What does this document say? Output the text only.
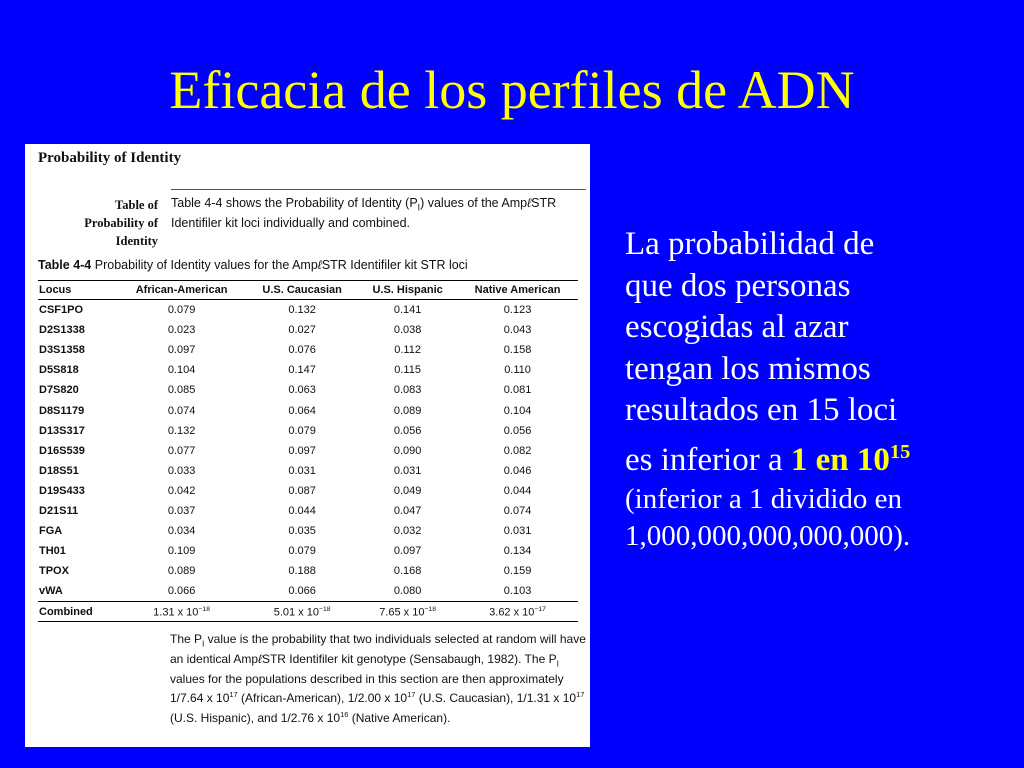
Eficacia de los perfiles de ADN
Probability of Identity
Table of
Probability of
Identity
Table 4-4 shows the Probability of Identity $(P_I)$ values of the AmpℓSTR Identifiler kit loci individually and combined.
Table 4-4 Probability of Identity values for the AmpℓSTR Identifiler kit STR loci
Locus	African-American	U.S. Caucasian	U.S. Hispanic	Native American
CSF1PO	0.079	0.132	0.141	0.123
D2S1338	0.023	0.027	0.038	0.043
D3S1358	0.097	0.076	0.112	0.158
D5S818	0.104	0.147	0.115	0.110
D7S820	0.085	0.063	0.083	0.081
D8S1179	0.074	0.064	0.089	0.104
D13S317	0.132	0.079	0.056	0.056
D16S539	0.077	0.097	0.090	0.082
D18S51	0.033	0.031	0.031	0.046
D19S433	0.042	0.087	0.049	0.044
D21S11	0.037	0.044	0.047	0.074
FGA	0.034	0.035	0.032	0.031
TH01	0.109	0.079	0.097	0.134
TPOX	0.089	0.188	0.168	0.159
vWA	0.066	0.066	0.080	0.103
Combined	1.31 x $10^{-18}$	5.01 x $10^{-18}$	7.65 x $10^{-18}$	3.62 x $10^{-17}$
The $P_I$ value is the probability that two individuals selected at random will have an identical AmpℓSTR Identifiler kit genotype (Sensabaugh, 1982). The $P_I$ values for the populations described in this section are then approximately 1/7.64 x $10^{17}$ (African-American), 1/2.00 x $10^{17}$ (U.S. Caucasian), 1/1.31 x $10^{17}$ (U.S. Hispanic), and 1/2.76 x $10^{16}$ (Native American).
La probabilidad de
que dos personas
escogidas al azar
tengan los mismos
resultados en 15 loci
es inferior a 1 en $10^{15}$
(inferior a 1 dividido en
1,000,000,000,000,000).
